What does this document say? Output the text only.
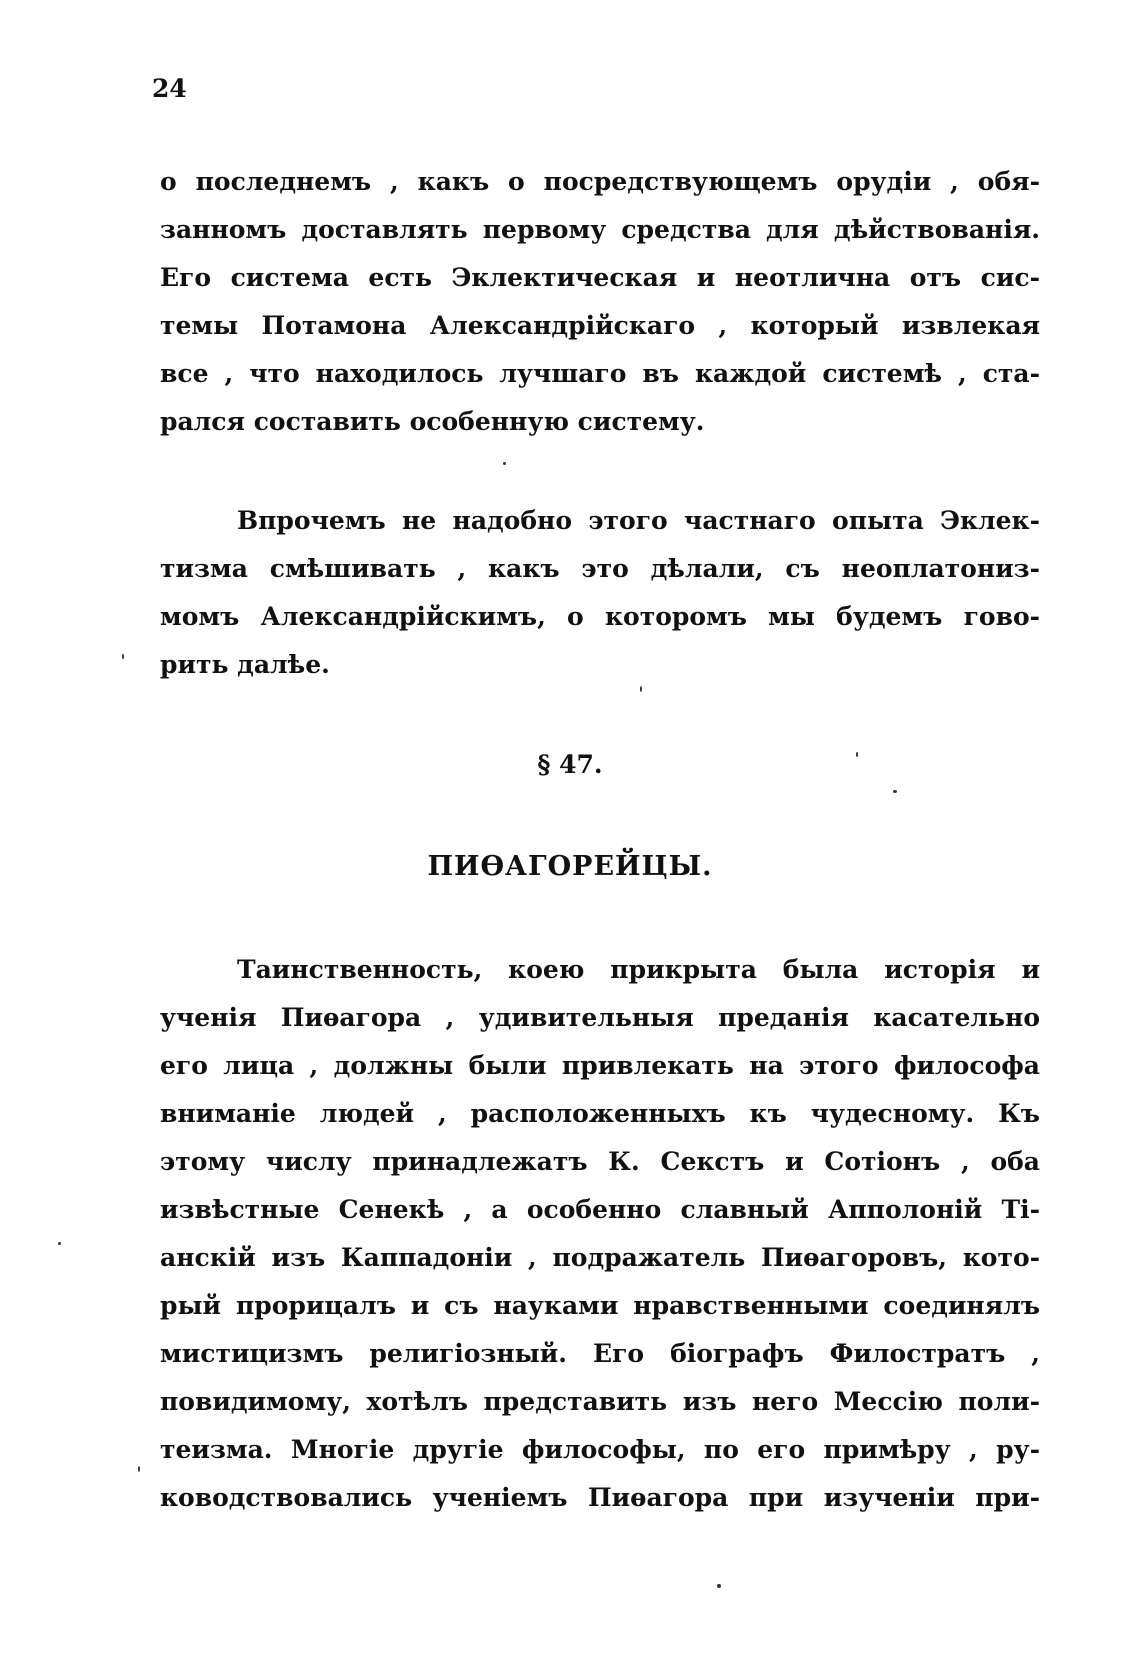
24
о последнемъ , какъ о посредствующемъ орудіи , обя-
занномъ доставлять первому средства для дѣйствованія.
Его система есть Эклектическая и неотлична отъ сис-
темы Потамона Александрійскаго , который извлекая
все , что находилось лучшаго въ каждой системѣ , ста-
рался составить особенную систему.
Впрочемъ не надобно этого частнаго опыта Эклек-
тизма смѣшивать , какъ это дѣлали, съ неоплатониз-
момъ Александрійскимъ, о которомъ мы будемъ гово-
рить далѣе.
§ 47.
ПИѲАГОРЕЙЦЫ.
Таинственность, коею прикрыта была исторія и
ученія Пиѳагора , удивительныя преданія касательно
его лица , должны были привлекать на этого философа
вниманіе людей , расположенныхъ къ чудесному. Къ
этому числу принадлежатъ К. Секстъ и Сотіонъ , оба
извѣстные Сенекѣ , а особенно славный Апполоній Ті-
анскій изъ Каппадоніи , подражатель Пиѳагоровъ, кото-
рый прорицалъ и съ науками нравственными соединялъ
мистицизмъ религіозный. Его біографъ Филостратъ ,
повидимому, хотѣлъ представить изъ него Мессію поли-
теизма. Многіе другіе философы, по его примѣру , ру-
ководствовались ученіемъ Пиѳагора при изученіи при-
